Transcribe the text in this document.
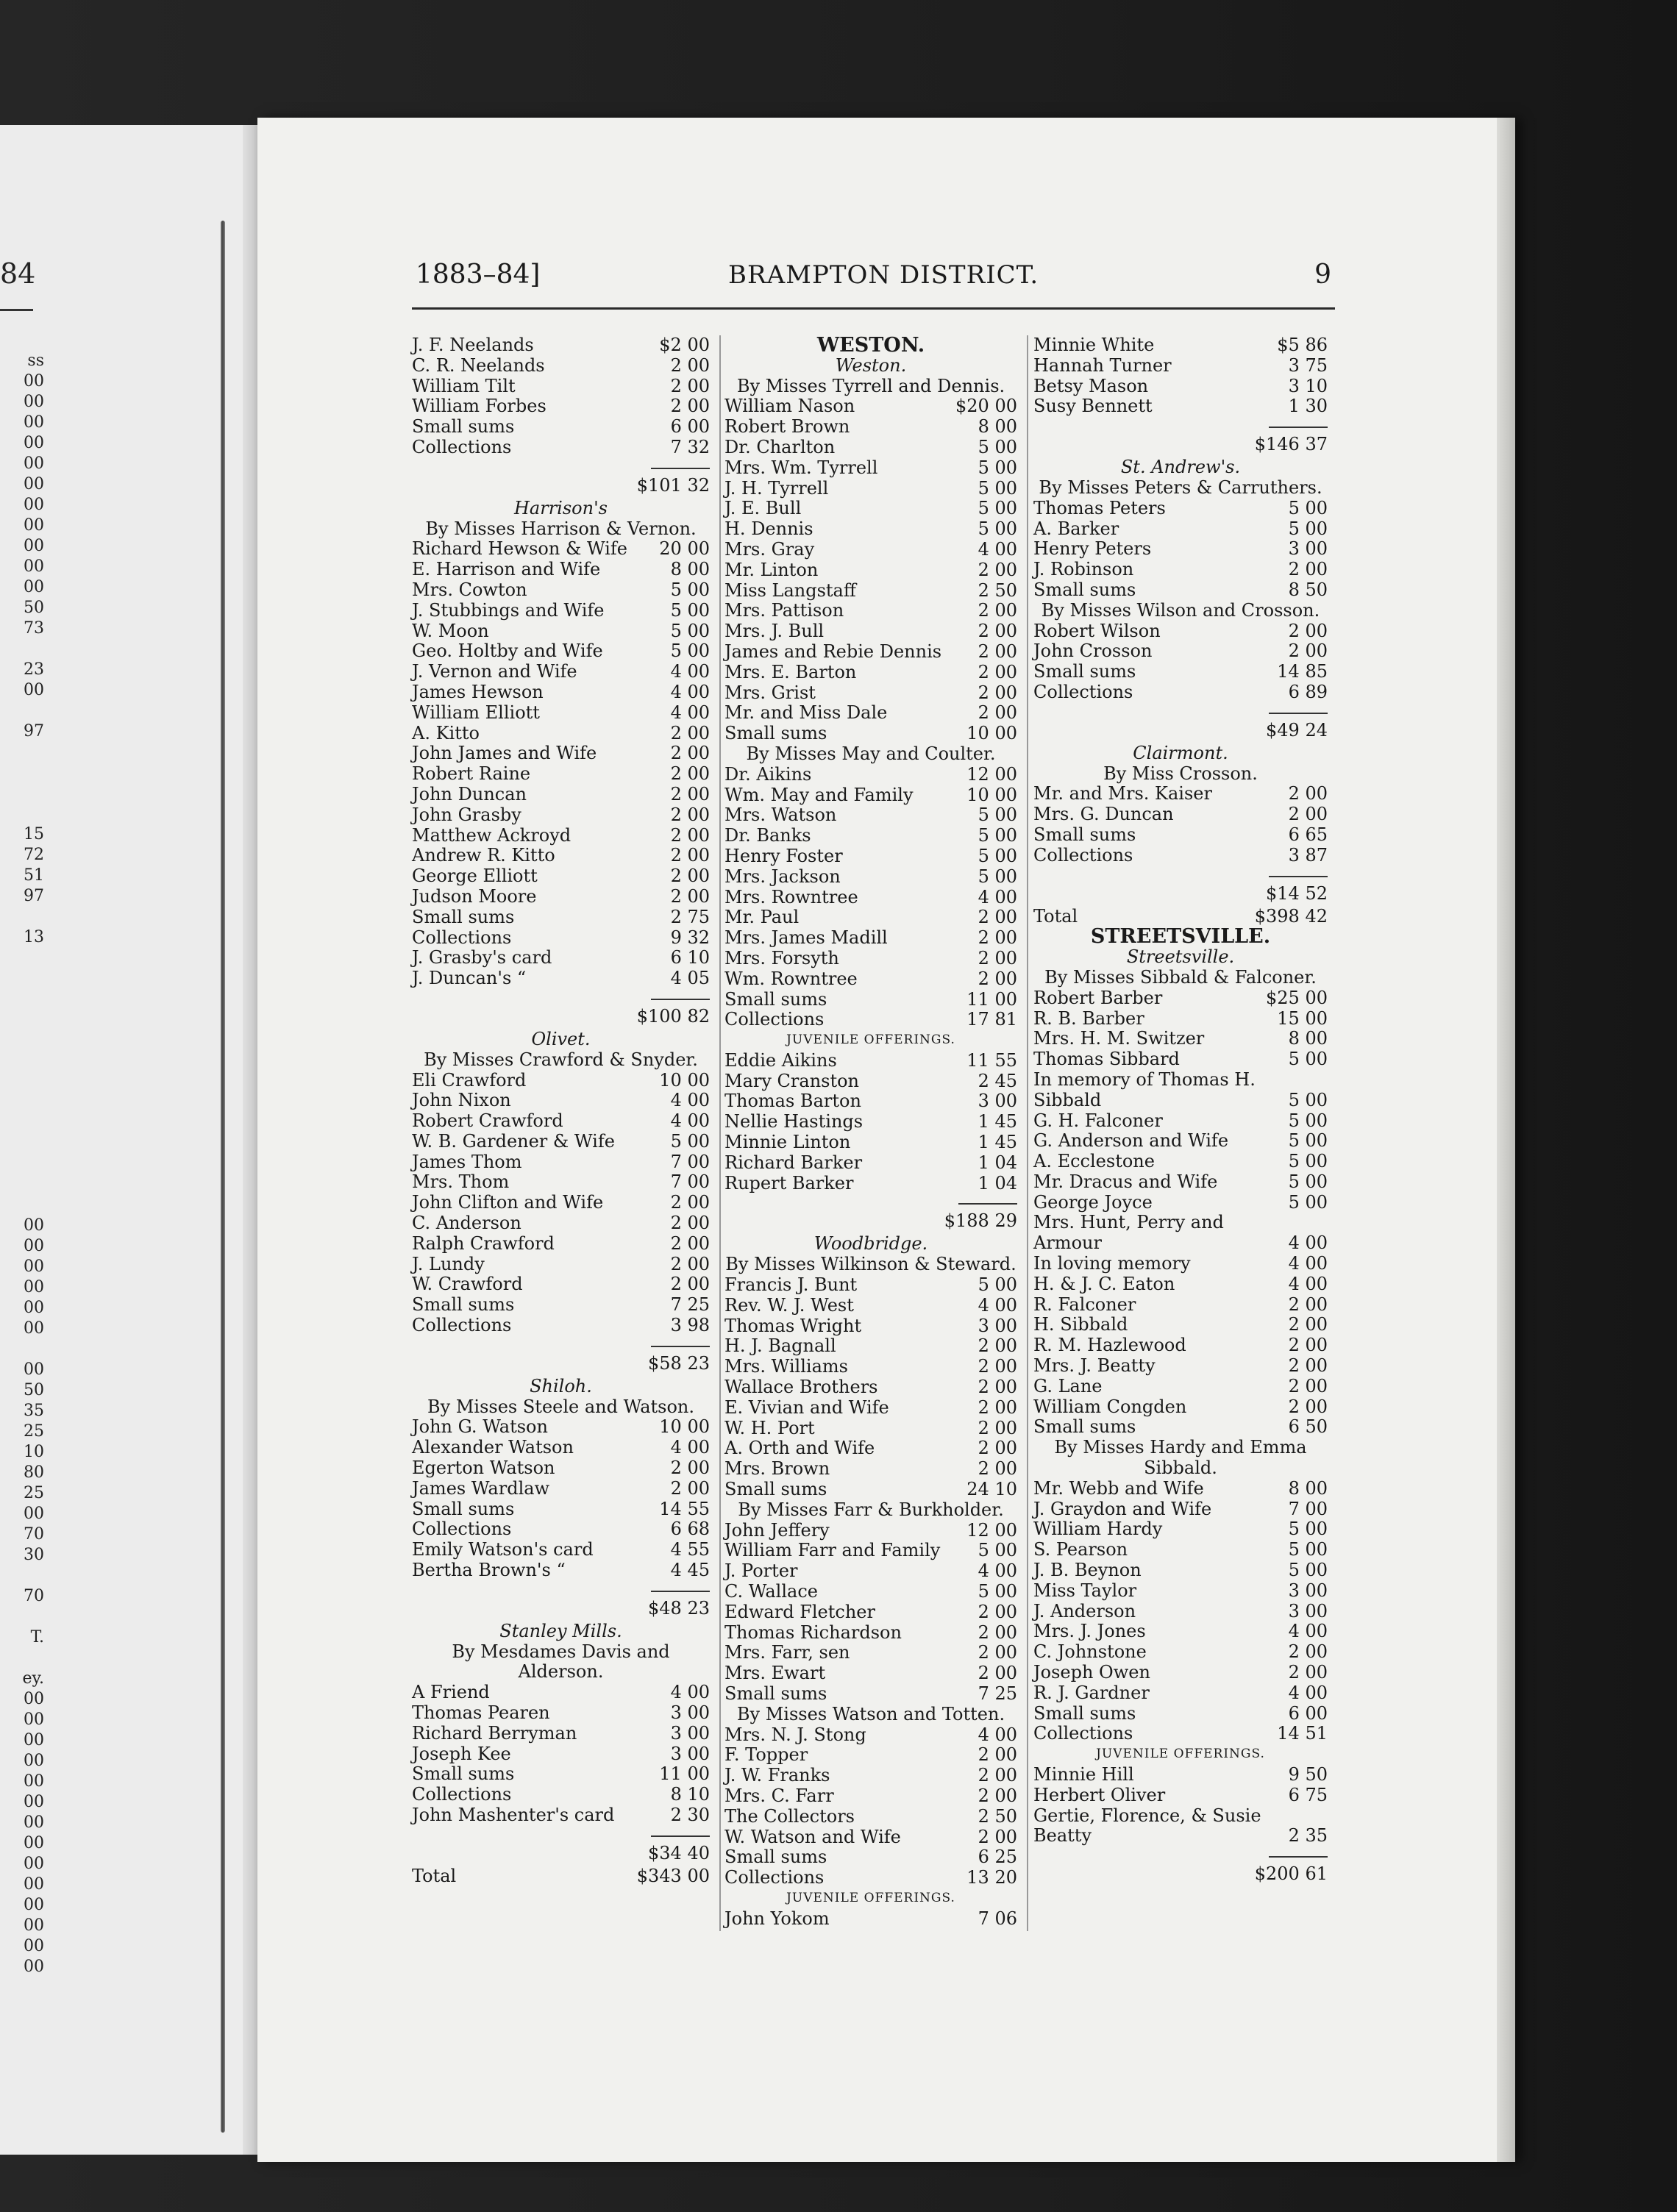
84
ss
00
00
00
00
00
00
00
00
00
00
00
50
73
23
00
97
15
72
51
97
13
00
00
00
00
00
00
00
50
35
25
10
80
25
00
70
30
70
T.
ey.
00
00
00
00
00
00
00
00
00
00
00
00
00
00
1883–84]	BRAMPTON DISTRICT.	9
J. F. Neelands	$2 00
C. R. Neelands	2 00
William Tilt	2 00
William Forbes	2 00
Small sums	6 00
Collections	7 32
$101 32
Harrison's
By Misses Harrison & Vernon.
Richard Hewson & Wife 20 00
E. Harrison and Wife	8 00
Mrs. Cowton	5 00
J. Stubbings and Wife	5 00
W. Moon	5 00
Geo. Holtby and Wife	5 00
J. Vernon and Wife	4 00
James Hewson	4 00
William Elliott	4 00
A. Kitto	2 00
John James and Wife	2 00
Robert Raine	2 00
John Duncan	2 00
John Grasby	2 00
Matthew Ackroyd	2 00
Andrew R. Kitto	2 00
George Elliott	2 00
Judson Moore	2 00
Small sums	2 75
Collections	9 32
J. Grasby's card	6 10
J. Duncan's “	4 05
$100 82
Olivet.
By Misses Crawford & Snyder.
Eli Crawford	10 00
John Nixon	4 00
Robert Crawford	4 00
W. B. Gardener & Wife	5 00
James Thom	7 00
Mrs. Thom	7 00
John Clifton and Wife	2 00
C. Anderson	2 00
Ralph Crawford	2 00
J. Lundy	2 00
W. Crawford	2 00
Small sums	7 25
Collections	3 98
$58 23
Shiloh.
By Misses Steele and Watson.
John G. Watson	10 00
Alexander Watson	4 00
Egerton Watson	2 00
James Wardlaw	2 00
Small sums	14 55
Collections	6 68
Emily Watson's card	4 55
Bertha Brown's “	4 45
$48 23
Stanley Mills.
By Mesdames Davis and
Alderson.
A Friend	4 00
Thomas Pearen	3 00
Richard Berryman	3 00
Joseph Kee	3 00
Small sums	11 00
Collections	8 10
John Mashenter's card	2 30
$34 40
Total	$343 00
WESTON.
Weston.
By Misses Tyrrell and Dennis.
William Nason	$20 00
Robert Brown	8 00
Dr. Charlton	5 00
Mrs. Wm. Tyrrell	5 00
J. H. Tyrrell	5 00
J. E. Bull	5 00
H. Dennis	5 00
Mrs. Gray	4 00
Mr. Linton	2 00
Miss Langstaff	2 50
Mrs. Pattison	2 00
Mrs. J. Bull	2 00
James and Rebie Dennis 2 00
Mrs. E. Barton	2 00
Mrs. Grist	2 00
Mr. and Miss Dale	2 00
Small sums	10 00
By Misses May and Coulter.
Dr. Aikins	12 00
Wm. May and Family	10 00
Mrs. Watson	5 00
Dr. Banks	5 00
Henry Foster	5 00
Mrs. Jackson	5 00
Mrs. Rowntree	4 00
Mr. Paul	2 00
Mrs. James Madill	2 00
Mrs. Forsyth	2 00
Wm. Rowntree	2 00
Small sums	11 00
Collections	17 81
JUVENILE OFFERINGS.
Eddie Aikins	11 55
Mary Cranston	2 45
Thomas Barton	3 00
Nellie Hastings	1 45
Minnie Linton	1 45
Richard Barker	1 04
Rupert Barker	1 04
$188 29
Woodbridge.
By Misses Wilkinson & Steward.
Francis J. Bunt	5 00
Rev. W. J. West	4 00
Thomas Wright	3 00
H. J. Bagnall	2 00
Mrs. Williams	2 00
Wallace Brothers	2 00
E. Vivian and Wife	2 00
W. H. Port	2 00
A. Orth and Wife	2 00
Mrs. Brown	2 00
Small sums	24 10
By Misses Farr & Burkholder.
John Jeffery	12 00
William Farr and Family 5 00
J. Porter	4 00
C. Wallace	5 00
Edward Fletcher	2 00
Thomas Richardson	2 00
Mrs. Farr, sen	2 00
Mrs. Ewart	2 00
Small sums	7 25
By Misses Watson and Totten.
Mrs. N. J. Stong	4 00
F. Topper	2 00
J. W. Franks	2 00
Mrs. C. Farr	2 00
The Collectors	2 50
W. Watson and Wife	2 00
Small sums	6 25
Collections	13 20
JUVENILE OFFERINGS.
John Yokom	7 06
Minnie White	$5 86
Hannah Turner	3 75
Betsy Mason	3 10
Susy Bennett	1 30
$146 37
St. Andrew's.
By Misses Peters & Carruthers.
Thomas Peters	5 00
A. Barker	5 00
Henry Peters	3 00
J. Robinson	2 00
Small sums	8 50
By Misses Wilson and Crosson.
Robert Wilson	2 00
John Crosson	2 00
Small sums	14 85
Collections	6 89
$49 24
Clairmont.
By Miss Crosson.
Mr. and Mrs. Kaiser	2 00
Mrs. G. Duncan	2 00
Small sums	6 65
Collections	3 87
$14 52
Total	$398 42
STREETSVILLE.
Streetsville.
By Misses Sibbald & Falconer.
Robert Barber	$25 00
R. B. Barber	15 00
Mrs. H. M. Switzer	8 00
Thomas Sibbard	5 00
In memory of Thomas H.
Sibbald	5 00
G. H. Falconer	5 00
G. Anderson and Wife	5 00
A. Ecclestone	5 00
Mr. Dracus and Wife	5 00
George Joyce	5 00
Mrs. Hunt, Perry and
Armour	4 00
In loving memory	4 00
H. & J. C. Eaton	4 00
R. Falconer	2 00
H. Sibbald	2 00
R. M. Hazlewood	2 00
Mrs. J. Beatty	2 00
G. Lane	2 00
William Congden	2 00
Small sums	6 50
By Misses Hardy and Emma
Sibbald.
Mr. Webb and Wife	8 00
J. Graydon and Wife	7 00
William Hardy	5 00
S. Pearson	5 00
J. B. Beynon	5 00
Miss Taylor	3 00
J. Anderson	3 00
Mrs. J. Jones	4 00
C. Johnstone	2 00
Joseph Owen	2 00
R. J. Gardner	4 00
Small sums	6 00
Collections	14 51
JUVENILE OFFERINGS.
Minnie Hill	9 50
Herbert Oliver	6 75
Gertie, Florence, & Susie
Beatty	2 35
$200 61
